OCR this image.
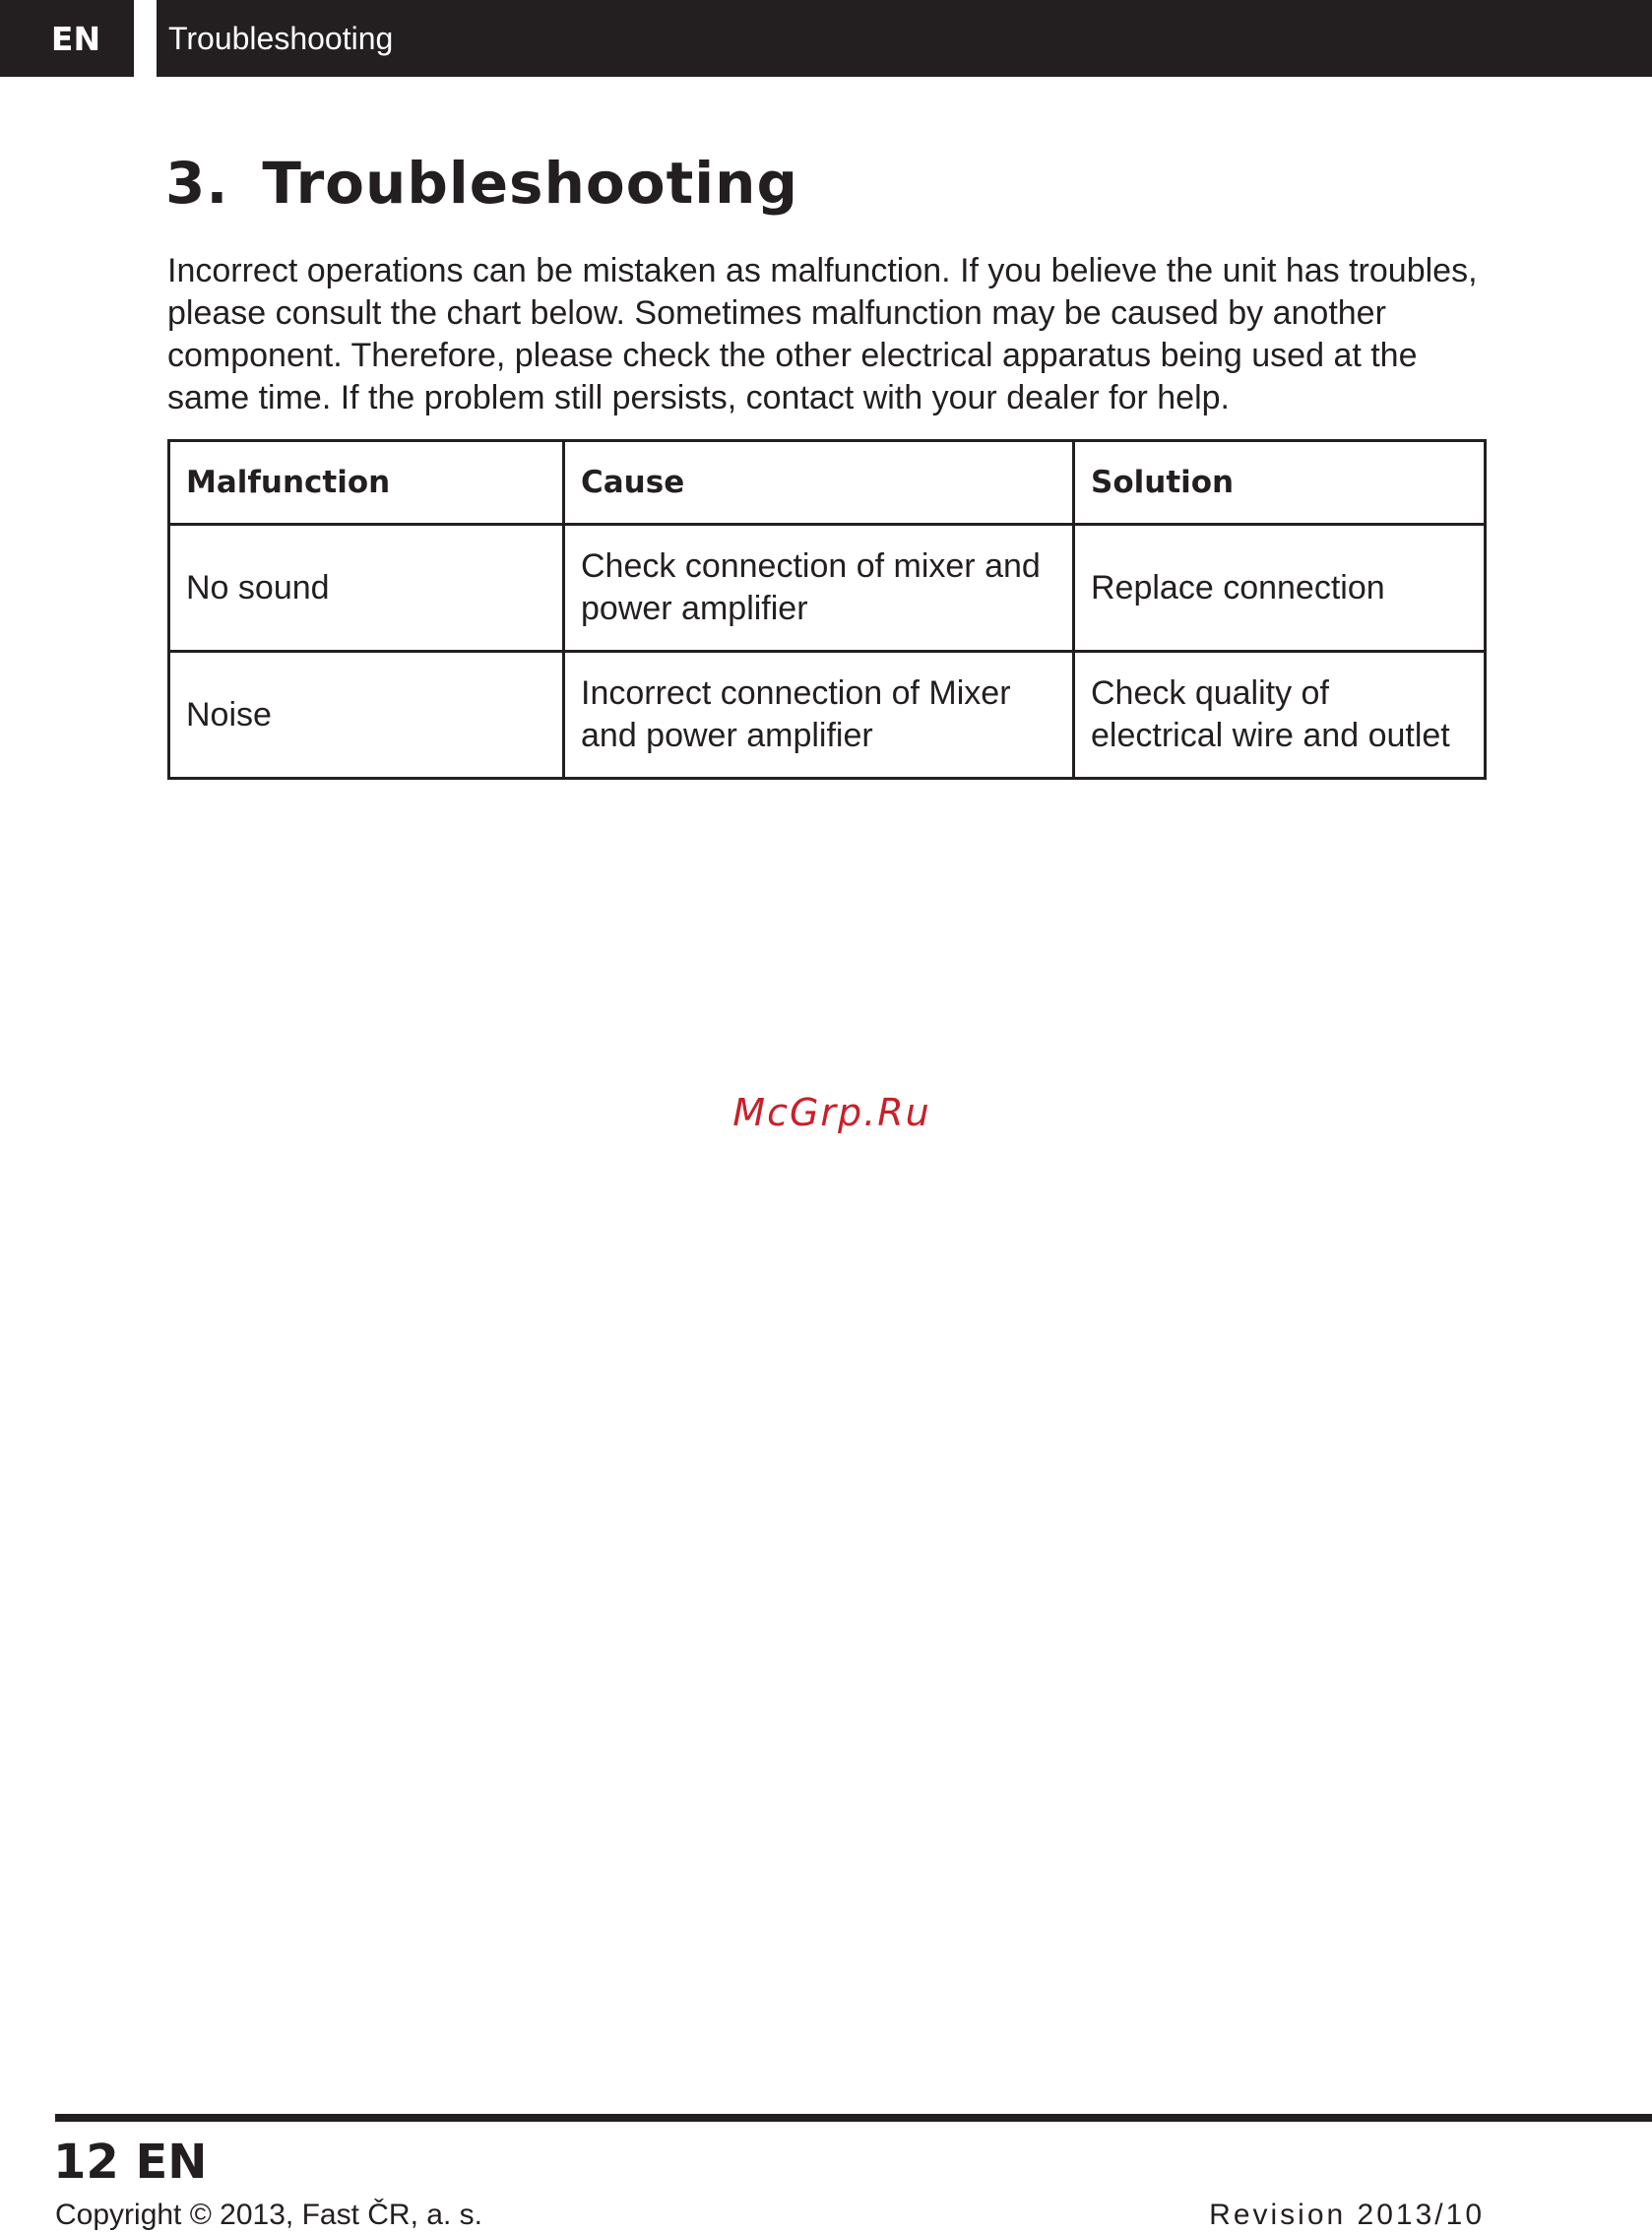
EN	Troubleshooting
3. Troubleshooting

Incorrect operations can be mistaken as malfunction. If you believe the unit has troubles, please consult the chart below. Sometimes malfunction may be caused by another component. Therefore, please check the other electrical apparatus being used at the same time. If the problem still persists, contact with your dealer for help.

Malfunction	Cause	Solution
No sound	Check connection of mixer and power amplifier	Replace connection
Noise	Incorrect connection of Mixer and power amplifier	Check quality of electrical wire and outlet
McGrp.Ru
12 EN
Copyright © 2013, Fast ČR, a. s.	Revision 2013/10
